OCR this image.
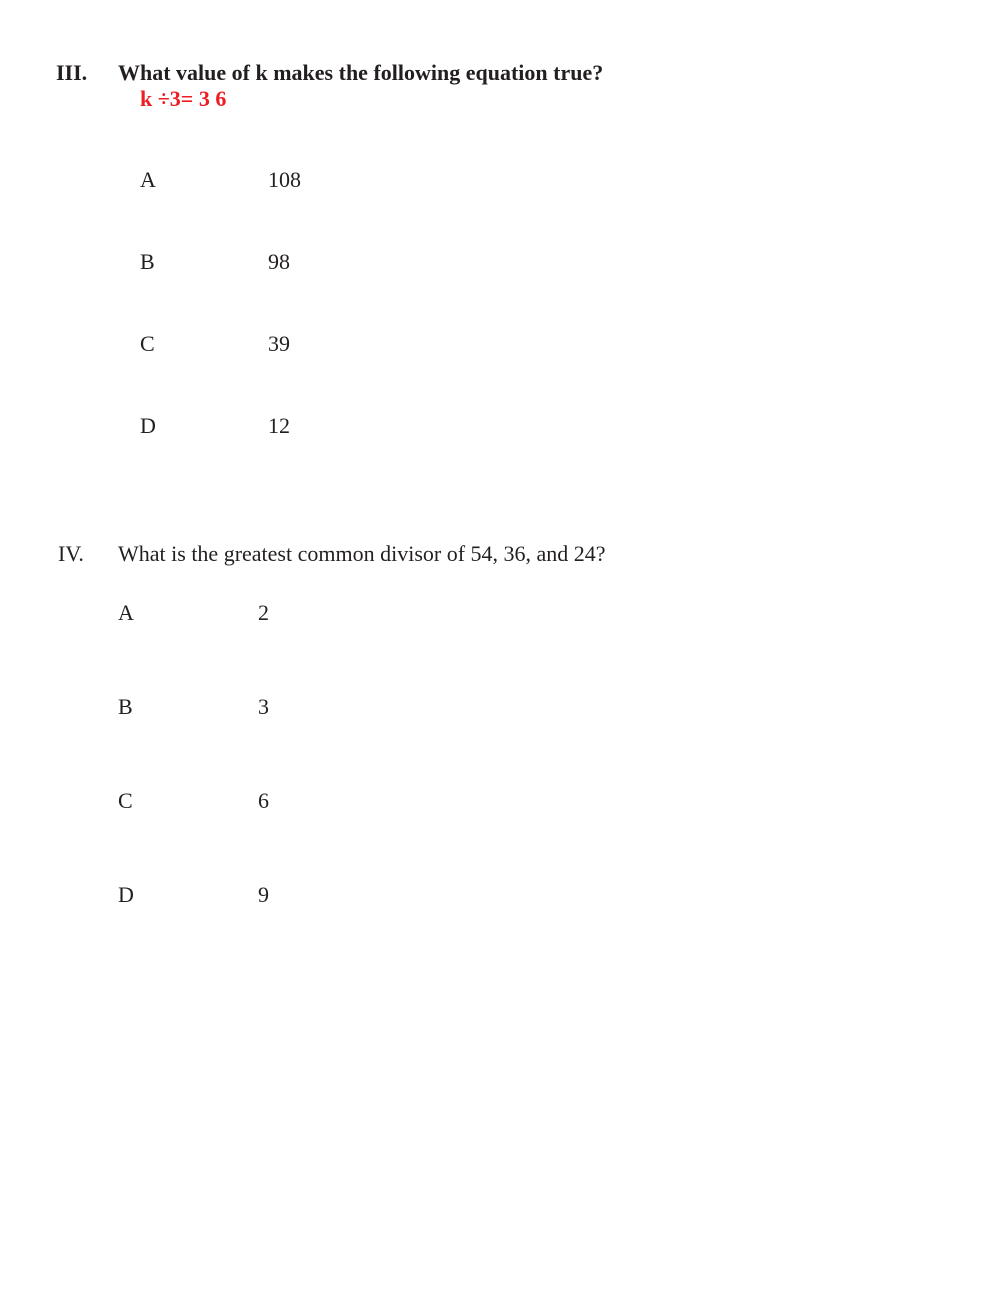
III. What value of k makes the following equation true?
k ÷3= 3 6
A	108
B	98
C	39
D	12
IV. What is the greatest common divisor of 54, 36, and 24?
A	2
B	3
C	6
D	9
